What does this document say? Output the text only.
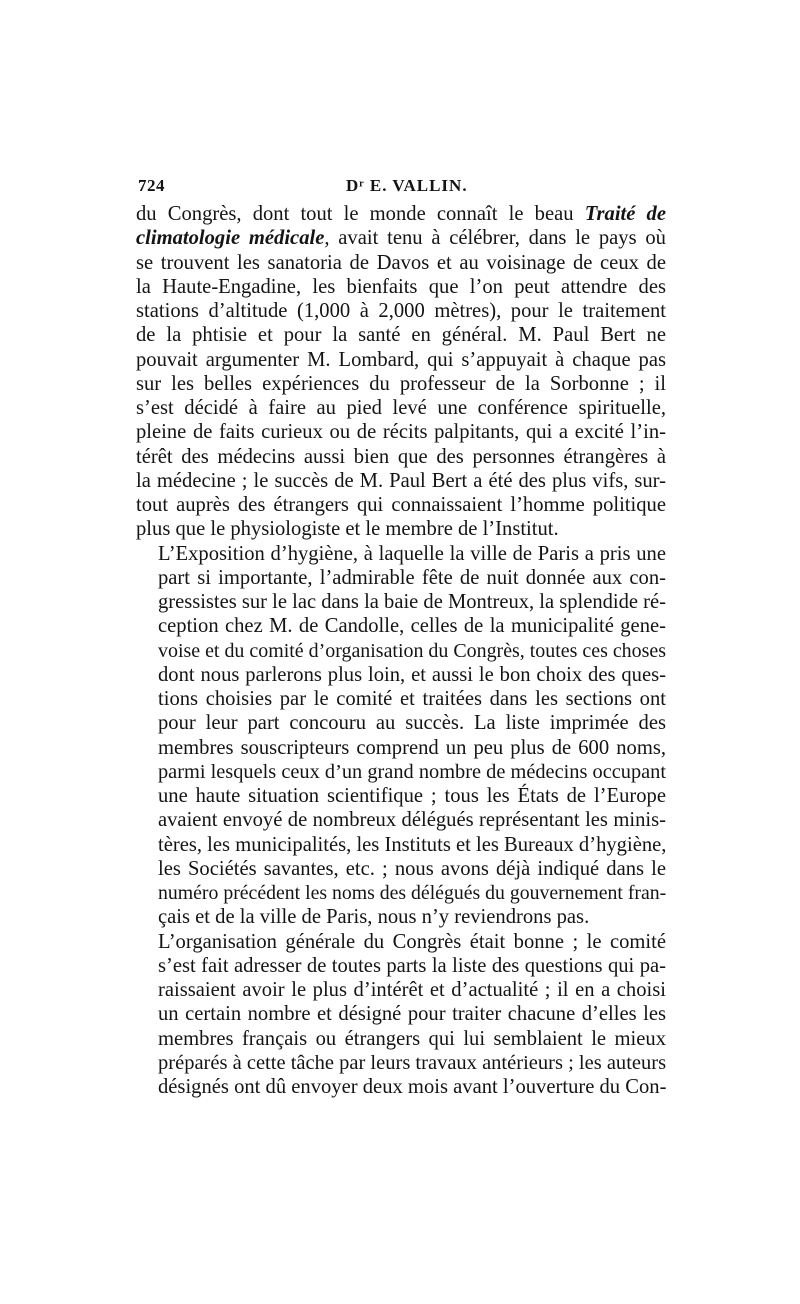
724	Dʳ E. VALLIN.

du Congrès, dont tout le monde connaît le beau Traité de
climatologie médicale, avait tenu à célébrer, dans le pays où
se trouvent les sanatoria de Davos et au voisinage de ceux de
la Haute-Engadine, les bienfaits que l’on peut attendre des
stations d’altitude (1,000 à 2,000 mètres), pour le traitement
de la phtisie et pour la santé en général. M. Paul Bert ne
pouvait argumenter M. Lombard, qui s’appuyait à chaque pas
sur les belles expériences du professeur de la Sorbonne ; il
s’est décidé à faire au pied levé une conférence spirituelle,
pleine de faits curieux ou de récits palpitants, qui a excité l’in-
térêt des médecins aussi bien que des personnes étrangères à
la médecine ; le succès de M. Paul Bert a été des plus vifs, sur-
tout auprès des étrangers qui connaissaient l’homme politique
plus que le physiologiste et le membre de l’Institut.

L’Exposition d’hygiène, à laquelle la ville de Paris a pris une
part si importante, l’admirable fête de nuit donnée aux con-
gressistes sur le lac dans la baie de Montreux, la splendide ré-
ception chez M. de Candolle, celles de la municipalité gene-
voise et du comité d’organisation du Congrès, toutes ces choses
dont nous parlerons plus loin, et aussi le bon choix des ques-
tions choisies par le comité et traitées dans les sections ont
pour leur part concouru au succès. La liste imprimée des
membres souscripteurs comprend un peu plus de 600 noms,
parmi lesquels ceux d’un grand nombre de médecins occupant
une haute situation scientifique ; tous les États de l’Europe
avaient envoyé de nombreux délégués représentant les minis-
tères, les municipalités, les Instituts et les Bureaux d’hygiène,
les Sociétés savantes, etc. ; nous avons déjà indiqué dans le
numéro précédent les noms des délégués du gouvernement fran-
çais et de la ville de Paris, nous n’y reviendrons pas.

L’organisation générale du Congrès était bonne ; le comité
s’est fait adresser de toutes parts la liste des questions qui pa-
raissaient avoir le plus d’intérêt et d’actualité ; il en a choisi
un certain nombre et désigné pour traiter chacune d’elles les
membres français ou étrangers qui lui semblaient le mieux
préparés à cette tâche par leurs travaux antérieurs ; les auteurs
désignés ont dû envoyer deux mois avant l’ouverture du Con-
